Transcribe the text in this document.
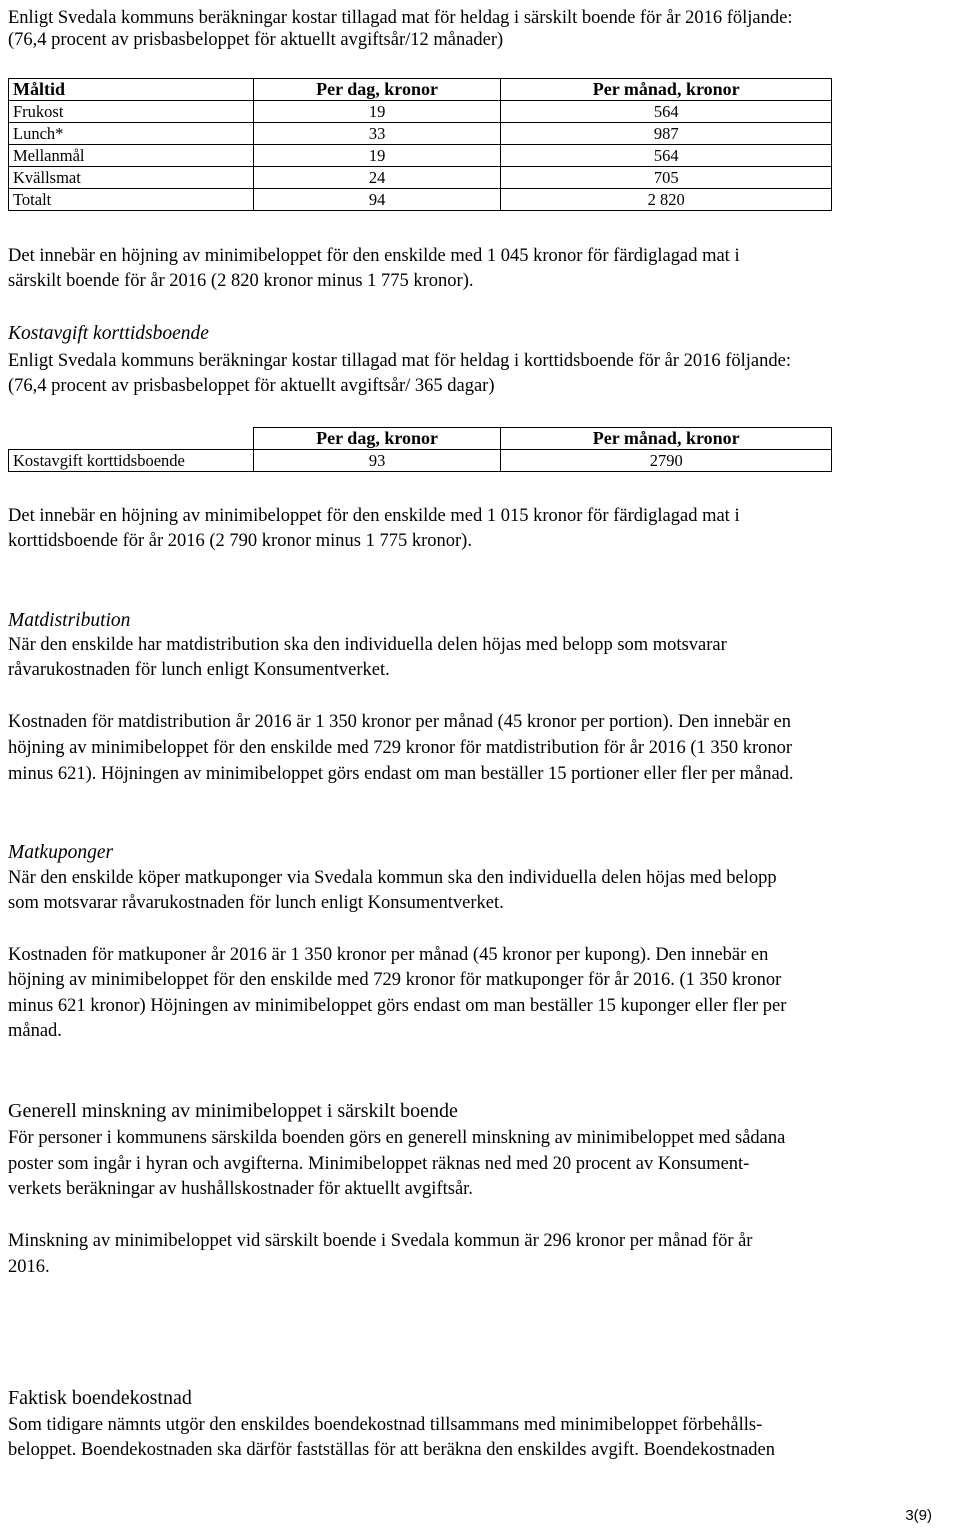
Enligt Svedala kommuns beräkningar kostar tillagad mat för heldag i särskilt boende för år 2016 följande:

(76,4 procent av prisbasbeloppet för aktuellt avgiftsår/12 månader)

Måltid	Per dag, kronor	Per månad, kronor
Frukost	19	564
Lunch*	33	987
Mellanmål	19	564
Kvällsmat	24	705
Totalt	94	2 820

Det innebär en höjning av minimibeloppet för den enskilde med 1 045 kronor för färdiglagad mat i

särskilt boende för år 2016 (2 820 kronor minus 1 775 kronor).

Kostavgift korttidsboende

Enligt Svedala kommuns beräkningar kostar tillagad mat för heldag i korttidsboende för år 2016 följande:

(76,4 procent av prisbasbeloppet för aktuellt avgiftsår/ 365 dagar)

	Per dag, kronor	Per månad, kronor
Kostavgift korttidsboende	93	2790

Det innebär en höjning av minimibeloppet för den enskilde med 1 015 kronor för färdiglagad mat i

korttidsboende för år 2016 (2 790 kronor minus 1 775 kronor).

Matdistribution

När den enskilde har matdistribution ska den individuella delen höjas med belopp som motsvarar

råvarukostnaden för lunch enligt Konsumentverket.

Kostnaden för matdistribution år 2016 är 1 350 kronor per månad (45 kronor per portion). Den innebär en

höjning av minimibeloppet för den enskilde med 729 kronor för matdistribution för år 2016 (1 350 kronor

minus 621). Höjningen av minimibeloppet görs endast om man beställer 15 portioner eller fler per månad.

Matkuponger

När den enskilde köper matkuponger via Svedala kommun ska den individuella delen höjas med belopp

som motsvarar råvarukostnaden för lunch enligt Konsumentverket.

Kostnaden för matkuponer år 2016 är 1 350 kronor per månad (45 kronor per kupong). Den innebär en

höjning av minimibeloppet för den enskilde med 729 kronor för matkuponger för år 2016. (1 350 kronor

minus 621 kronor) Höjningen av minimibeloppet görs endast om man beställer 15 kuponger eller fler per

månad.

Generell minskning av minimibeloppet i särskilt boende

För personer i kommunens särskilda boenden görs en generell minskning av minimibeloppet med sådana

poster som ingår i hyran och avgifterna. Minimibeloppet räknas ned med 20 procent av Konsument-

verkets beräkningar av hushållskostnader för aktuellt avgiftsår.

Minskning av minimibeloppet vid särskilt boende i Svedala kommun är 296 kronor per månad för år

2016.

Faktisk boendekostnad

Som tidigare nämnts utgör den enskildes boendekostnad tillsammans med minimibeloppet förbehålls-

beloppet. Boendekostnaden ska därför fastställas för att beräkna den enskildes avgift. Boendekostnaden

3(9)
